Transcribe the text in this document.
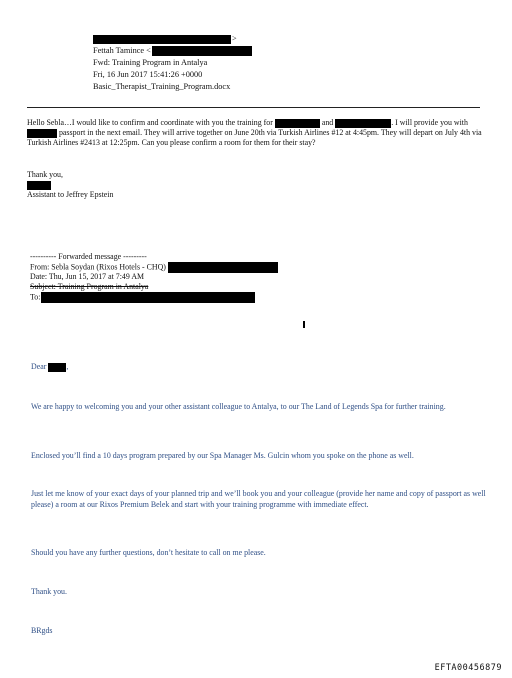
>
Fettah Tamince <
Fwd: Training Program in Antalya
Fri, 16 Jun 2017 15:41:26 +0000
Basic_Therapist_Training_Program.docx

Hello Sebla…I would like to confirm and coordinate with you the training for	and	. I will provide you with  passport in the next email. They will arrive together on June 20th via Turkish Airlines #12 at 4:45pm. They will depart on July 4th via Turkish Airlines #2413 at 12:25pm. Can you please confirm a room for them for their stay?

Thank you,

Assistant to Jeffrey Epstein

---------- Forwarded message ---------
From: Sebla Soydan (Rixos Hotels - CHQ)
Date: Thu, Jun 15, 2017 at 7:49 AM
Subject: Training Program in Antalya
To:
Dear	,

We are happy to welcoming you and your other assistant colleague to Antalya, to our The Land of Legends Spa for further training.

Enclosed you’ll find a 10 days program prepared by our Spa Manager Ms. Gulcin whom you spoke on the phone as well.

Just let me know of your exact days of your planned trip and we’ll book you and your colleague (provide her name and copy of passport as well please) a room at our Rixos Premium Belek and start with your training programme with immediate effect.

Should you have any further questions, don’t hesitate to call on me please.

Thank you.
BRgds
EFTA00456879
